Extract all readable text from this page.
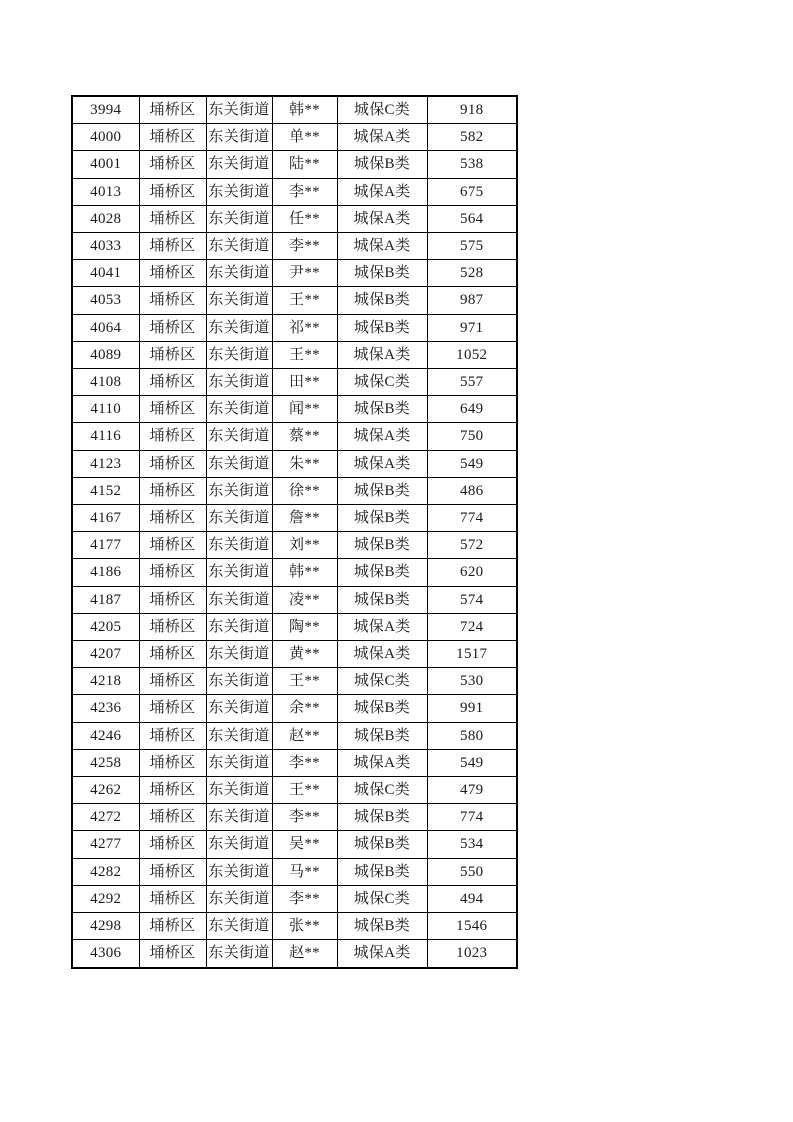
3994	埇桥区	东关街道	韩**	城保C类	918
4000	埇桥区	东关街道	单**	城保A类	582
4001	埇桥区	东关街道	陆**	城保B类	538
4013	埇桥区	东关街道	李**	城保A类	675
4028	埇桥区	东关街道	任**	城保A类	564
4033	埇桥区	东关街道	李**	城保A类	575
4041	埇桥区	东关街道	尹**	城保B类	528
4053	埇桥区	东关街道	王**	城保B类	987
4064	埇桥区	东关街道	祁**	城保B类	971
4089	埇桥区	东关街道	王**	城保A类	1052
4108	埇桥区	东关街道	田**	城保C类	557
4110	埇桥区	东关街道	闻**	城保B类	649
4116	埇桥区	东关街道	蔡**	城保A类	750
4123	埇桥区	东关街道	朱**	城保A类	549
4152	埇桥区	东关街道	徐**	城保B类	486
4167	埇桥区	东关街道	詹**	城保B类	774
4177	埇桥区	东关街道	刘**	城保B类	572
4186	埇桥区	东关街道	韩**	城保B类	620
4187	埇桥区	东关街道	凌**	城保B类	574
4205	埇桥区	东关街道	陶**	城保A类	724
4207	埇桥区	东关街道	黄**	城保A类	1517
4218	埇桥区	东关街道	王**	城保C类	530
4236	埇桥区	东关街道	余**	城保B类	991
4246	埇桥区	东关街道	赵**	城保B类	580
4258	埇桥区	东关街道	李**	城保A类	549
4262	埇桥区	东关街道	王**	城保C类	479
4272	埇桥区	东关街道	李**	城保B类	774
4277	埇桥区	东关街道	吴**	城保B类	534
4282	埇桥区	东关街道	马**	城保B类	550
4292	埇桥区	东关街道	李**	城保C类	494
4298	埇桥区	东关街道	张**	城保B类	1546
4306	埇桥区	东关街道	赵**	城保A类	1023
